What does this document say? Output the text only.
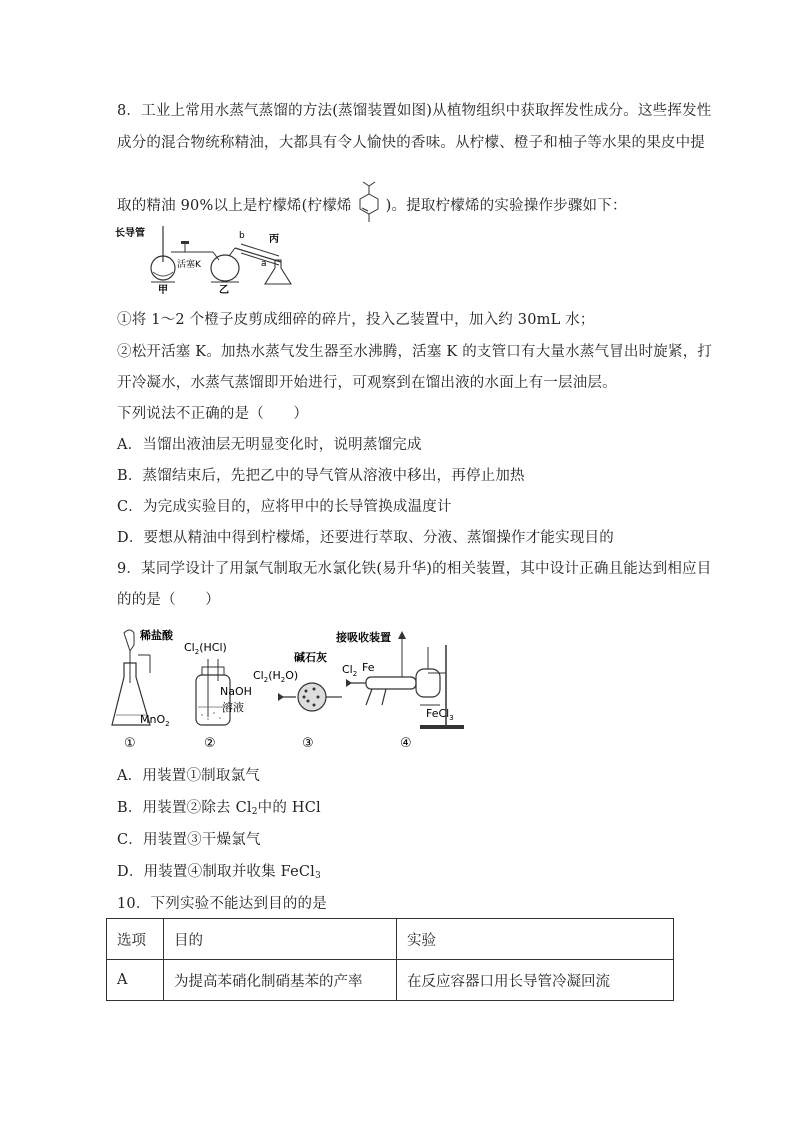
8．工业上常用水蒸气蒸馏的方法(蒸馏装置如图)从植物组织中获取挥发性成分。这些挥发性
成分的混合物统称精油，大都具有令人愉快的香味。从柠檬、橙子和柚子等水果的果皮中提
取的精油 90%以上是柠檬烯(柠檬烯 )。提取柠檬烯的实验操作步骤如下：
长导管
活塞K
b
a
丙
甲	乙
①将 1～2 个橙子皮剪成细碎的碎片，投入乙装置中，加入约 30mL 水；
②松开活塞 K。加热水蒸气发生器至水沸腾，活塞 K 的支管口有大量水蒸气冒出时旋紧，打
开冷凝水，水蒸气蒸馏即开始进行，可观察到在馏出液的水面上有一层油层。
下列说法不正确的是（　　）
A．当馏出液油层无明显变化时，说明蒸馏完成
B．蒸馏结束后，先把乙中的导气管从溶液中移出，再停止加热
C．为完成实验目的，应将甲中的长导管换成温度计
D．要想从精油中得到柠檬烯，还要进行萃取、分液、蒸馏操作才能实现目的
9．某同学设计了用氯气制取无水氯化铁(易升华)的相关装置，其中设计正确且能达到相应目
的的是（　　）
稀盐酸
MnO$_2$
①
$Cl_2(HCl)$
NaOH
溶液
②
碱石灰
$Cl_2(H_2O)$
③
接吸收装置
$Cl_2$ Fe
FeCl$_3$
④
A．用装置①制取氯气
B．用装置②除去 $Cl_2$中的 HCl
C．用装置③干燥氯气
D．用装置④制取并收集 FeCl$_3$
10．下列实验不能达到目的的是
选项	目的	实验
A	为提高苯硝化制硝基苯的产率	在反应容器口用长导管冷凝回流
